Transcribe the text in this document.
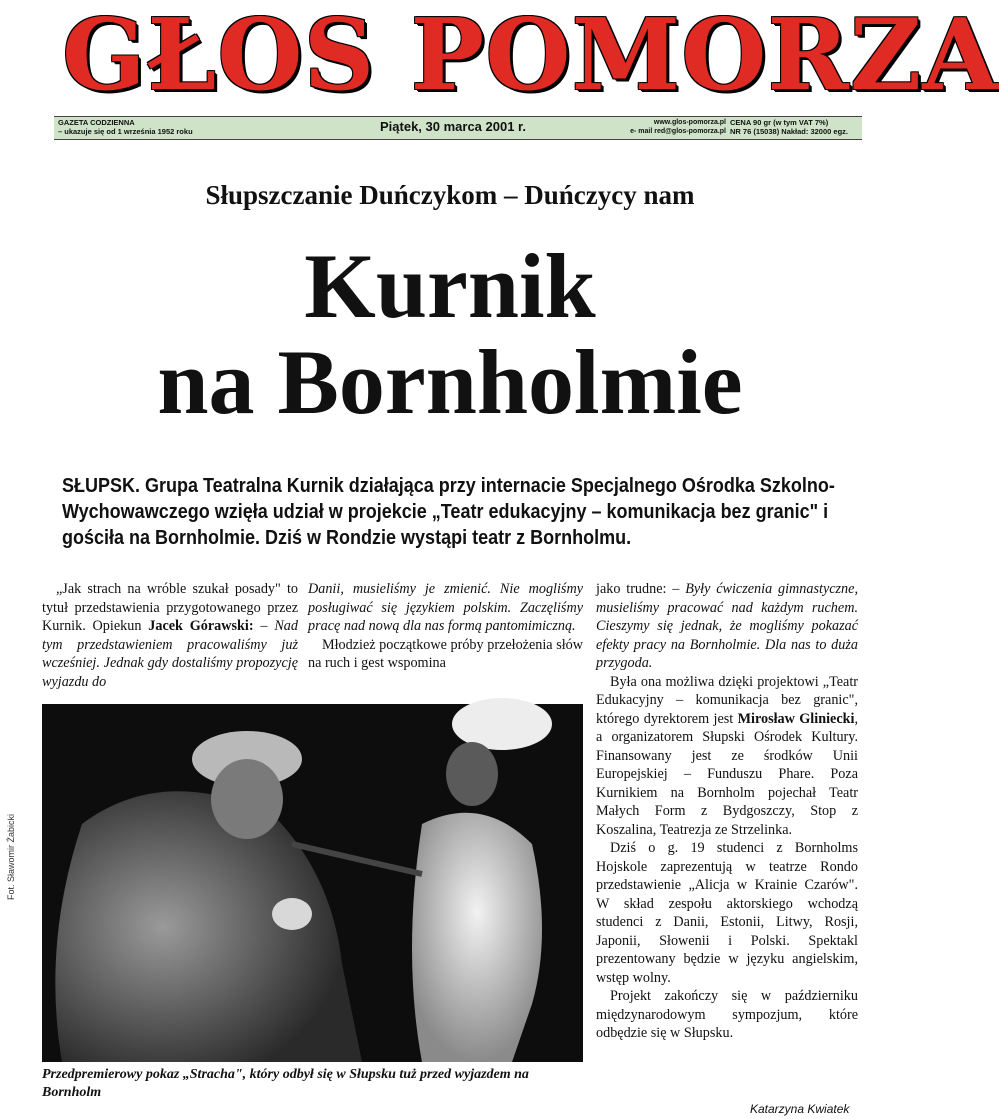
GŁOS POMORZA
GAZETA CODZIENNA
– ukazuje się od 1 września 1952 roku	Piątek, 30 marca 2001 r.	www.glos-pomorza.pl
e- mail red@glos-pomorza.pl
CENA 90 gr (w tym VAT 7%)
NR 76 (15038) Nakład: 32000 egz.
Słupszczanie Duńczykom – Duńczycy nam
Kurnik
na Bornholmie
SŁUPSK. Grupa Teatralna Kurnik działająca przy internacie Specjalnego Ośrodka Szkolno-Wychowawczego wzięła udział w projekcie „Teatr edukacyjny – komunikacja bez granic" i gościła na Bornholmie. Dziś w Rondzie wystąpi teatr z Bornholmu.

„Jak strach na wróble szukał posady" to tytuł przedstawienia przygotowanego przez Kurnik. Opiekun Jacek Górawski: – Nad tym przedstawieniem pracowaliśmy już wcześniej. Jednak gdy dostaliśmy propozycję wyjazdu do

Danii, musieliśmy je zmienić. Nie mogliśmy posługiwać się językiem polskim. Zaczęliśmy pracę nad nową dla nas formą pantomimiczną.

Młodzież początkowe próby przełożenia słów na ruch i gest wspomina

jako trudne: – Były ćwiczenia gimnastyczne, musieliśmy pracować nad każdym ruchem. Cieszymy się jednak, że mogliśmy pokazać efekty pracy na Bornholmie. Dla nas to duża przygoda.

Była ona możliwa dzięki projektowi „Teatr Edukacyjny – komunikacja bez granic", którego dyrektorem jest Mirosław Gliniecki, a organizatorem Słupski Ośrodek Kultury. Finansowany jest ze środków Unii Europejskiej – Funduszu Phare. Poza Kurnikiem na Bornholm pojechał Teatr Małych Form z Bydgoszczy, Stop z Koszalina, Teatrezja ze Strzelinka.

Dziś o g. 19 studenci z Bornholms Hojskole zaprezentują w teatrze Rondo przedstawienie „Alicja w Krainie Czarów". W skład zespołu aktorskiego wchodzą studenci z Danii, Estonii, Litwy, Rosji, Japonii, Słowenii i Polski. Spektakl prezentowany będzie w języku angielskim, wstęp wolny.

Projekt zakończy się w październiku międzynarodowym sympozjum, które odbędzie się w Słupsku.

Fot. Sławomir Żabicki
Przedpremierowy pokaz „Stracha", który odbył się w Słupsku tuż przed wyjazdem na Bornholm
Katarzyna Kwiatek
